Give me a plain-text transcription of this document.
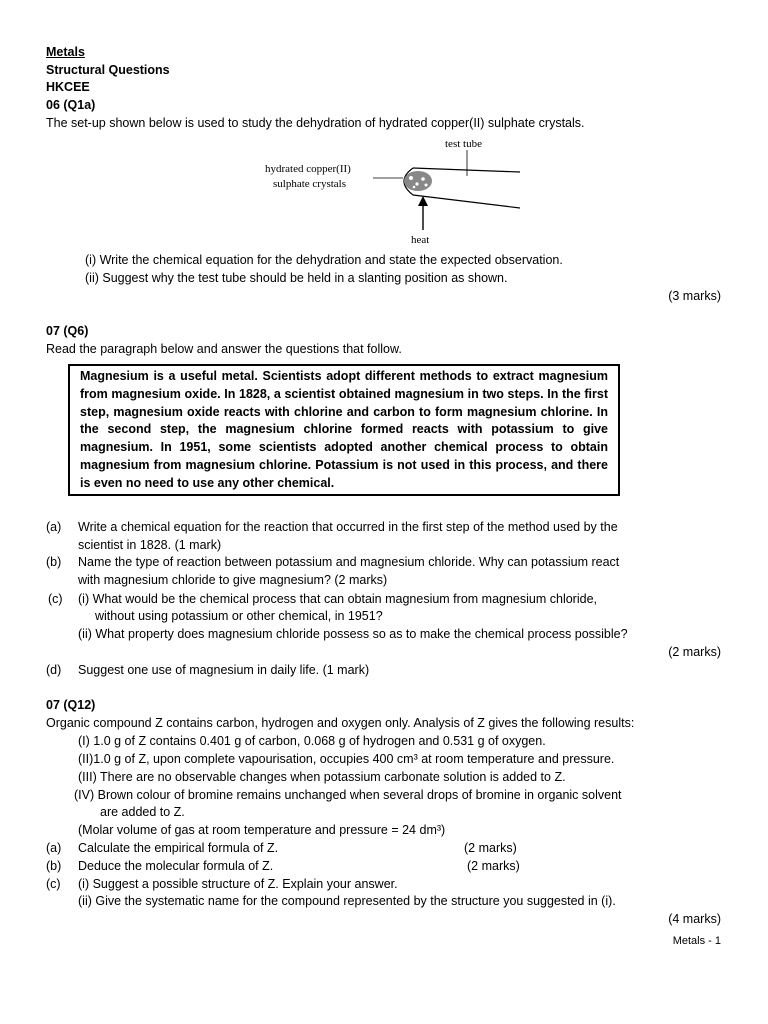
Metals
Structural Questions
HKCEE
06 (Q1a)
The set-up shown below is used to study the dehydration of hydrated copper(II) sulphate crystals.
hydrated copper(II)
sulphate crystals
test tube
heat
(i) Write the chemical equation for the dehydration and state the expected observation.
(ii) Suggest why the test tube should be held in a slanting position as shown.
(3 marks)
07 (Q6)
Read the paragraph below and answer the questions that follow.

Magnesium is a useful metal. Scientists adopt different methods to extract magnesium from magnesium oxide. In 1828, a scientist obtained magnesium in two steps. In the first step, magnesium oxide reacts with chlorine and carbon to form magnesium chlorine. In the second step, the magnesium chlorine formed reacts with potassium to give magnesium. In 1951, some scientists adopted another chemical process to obtain magnesium from magnesium chlorine. Potassium is not used in this process, and there is even no need to use any other chemical.

(a) Write a chemical equation for the reaction that occurred in the first step of the method used by the
scientist in 1828. (1 mark)
(b) Name the type of reaction between potassium and magnesium chloride. Why can potassium react
with magnesium chloride to give magnesium? (2 marks)
(c) (i) What would be the chemical process that can obtain magnesium from magnesium chloride,
without using potassium or other chemical, in 1951?
(ii) What property does magnesium chloride possess so as to make the chemical process possible?
(2 marks)
(d) Suggest one use of magnesium in daily life. (1 mark)
07 (Q12)
Organic compound Z contains carbon, hydrogen and oxygen only. Analysis of Z gives the following results:
(I) 1.0 g of Z contains 0.401 g of carbon, 0.068 g of hydrogen and 0.531 g of oxygen.
(II)1.0 g of Z, upon complete vapourisation, occupies 400 cm³ at room temperature and pressure.
(III) There are no observable changes when potassium carbonate solution is added to Z.
(IV) Brown colour of bromine remains unchanged when several drops of bromine in organic solvent
are added to Z.
(Molar volume of gas at room temperature and pressure = 24 dm³)
(a) Calculate the empirical formula of Z.	(2 marks)
(b) Deduce the molecular formula of Z.	(2 marks)
(c) (i) Suggest a possible structure of Z. Explain your answer.
(ii) Give the systematic name for the compound represented by the structure you suggested in (i).
(4 marks)
Metals - 1
